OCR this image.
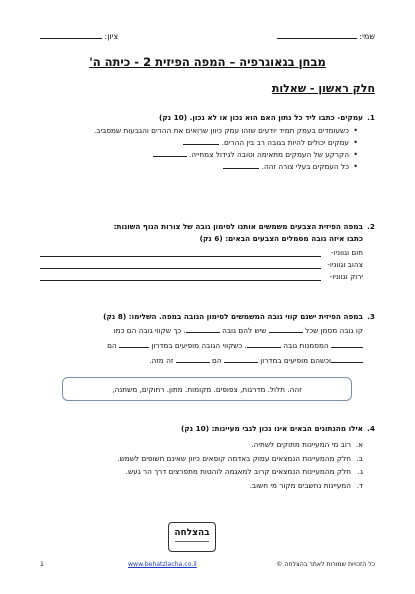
שמי:
ציון:
מבחן בגאוגרפיה – המפה הפיזית 2 - כיתה ה'
חלק ראשון - שאלות
1.
עמקים- כתבו ליד כל נתון האם הוא נכון או לא נכון. (10 נק)
• כשעומדים בעמק תמיד יודעים שזהו עמק כיוון שרואים את ההרים והגבעות שמסביב.
• עמקים יכולים להיות בגובה רב בין ההרים.
• הקרקע של העמקים מתאימה וטובה לגידול צמחייה.
• כל העמקים בעלי צורה זהה.
2.
במפה הפיזית הצבעים משמשים אותנו לסימון גובה של צורות הנוף השונות:
כתבו איזה גובה מסמלים הצבעים הבאים: (6 נק)
חום וגווניו-
צהוב וגווניו-
ירוק וגווניו-
3.
במפה הפיזית ישנם קווי גובה המשמשים לסימון הגובה במפה. השלימו: (8 נק)
קו גובה מסמן שכל  שיש להם גובה . כך שקווי גובה הם כמו
המסמנות גובה . כשקווי הגובה מופיעים במדרון  הם
וכשהם מופיעים במדרון  הם  זה מזה.
זהה. תלול. מדרגות, צפופים. מקומות. מתון. רחוקים, משתנה,
4.
אילו מהנתונים הבאים אינו נכון לגבי מעיינות: (10 נק)
א.
רוב מי המעיינות מתוקים לשתיה.
ב.
חלק מהמעיינות הנמצאים עמוק באדמה קופאים כיוון שאינם חשופים לשמש.
ג.
חלק מהמעיינות הנמצאים קרוב למאגמה לוהטות מתפרצים דרך הר געש.
ד.
המעיינות נחשבים מקור מי חשוב.
בהצלחה
1	www.behatzlacha.co.il	כל הזכויות שמורות לאתר בהצלחה ©
